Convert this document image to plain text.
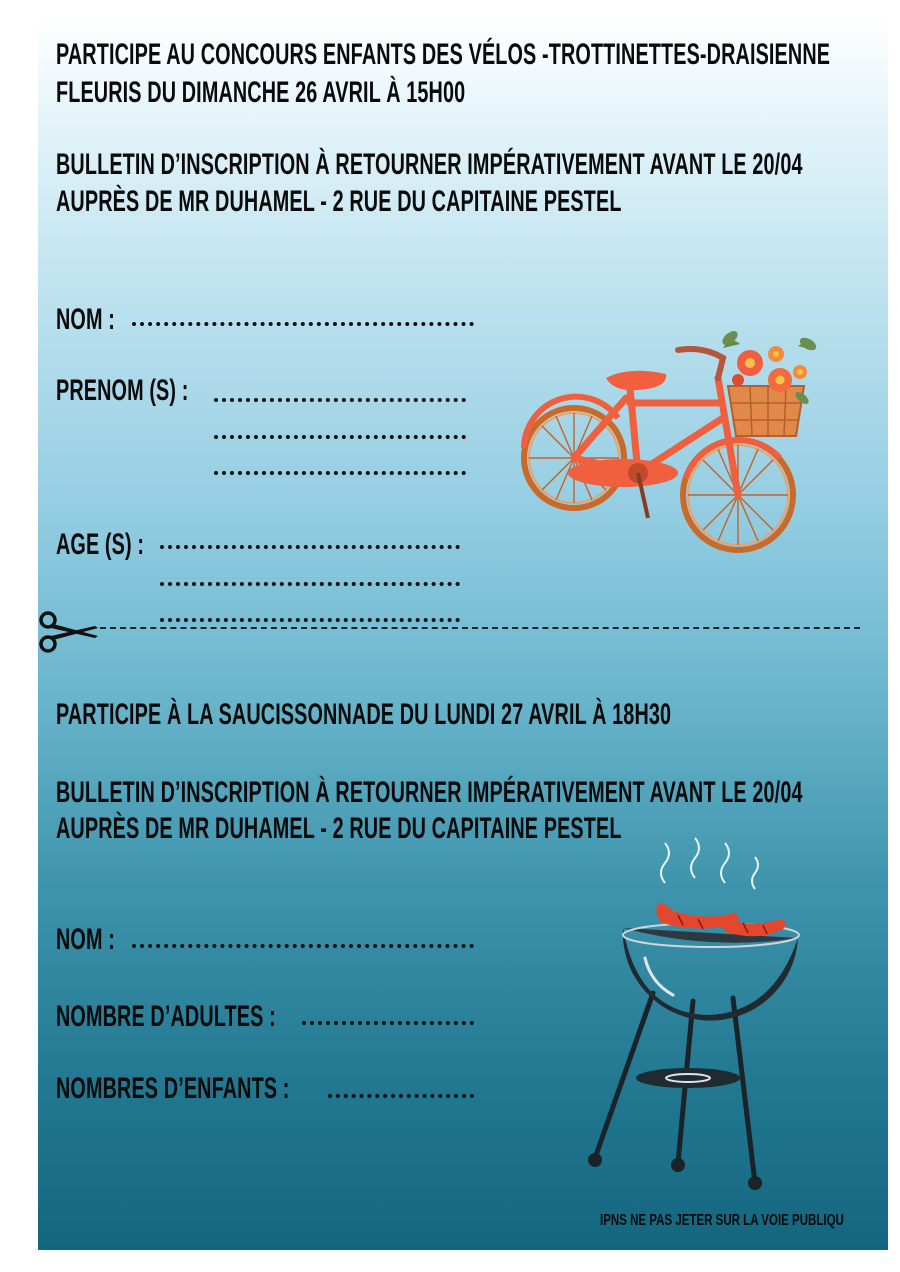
PARTICIPE AU CONCOURS ENFANTS DES VÉLOS -TROTTINETTES-DRAISIENNE
FLEURIS DU DIMANCHE 26 AVRIL À 15H00
BULLETIN D’INSCRIPTION À RETOURNER IMPÉRATIVEMENT AVANT LE 20/04
AUPRÈS DE MR DUHAMEL - 2 RUE DU CAPITAINE PESTEL
NOM :
PRENOM (S) :
AGE (S) :
PARTICIPE À LA SAUCISSONNADE DU LUNDI 27 AVRIL À 18H30
BULLETIN D’INSCRIPTION À RETOURNER IMPÉRATIVEMENT AVANT LE 20/04
AUPRÈS DE MR DUHAMEL - 2 RUE DU CAPITAINE PESTEL
NOM :
NOMBRE D’ADULTES :
NOMBRES D’ENFANTS :
IPNS NE PAS JETER SUR LA VOIE PUBLIQU
